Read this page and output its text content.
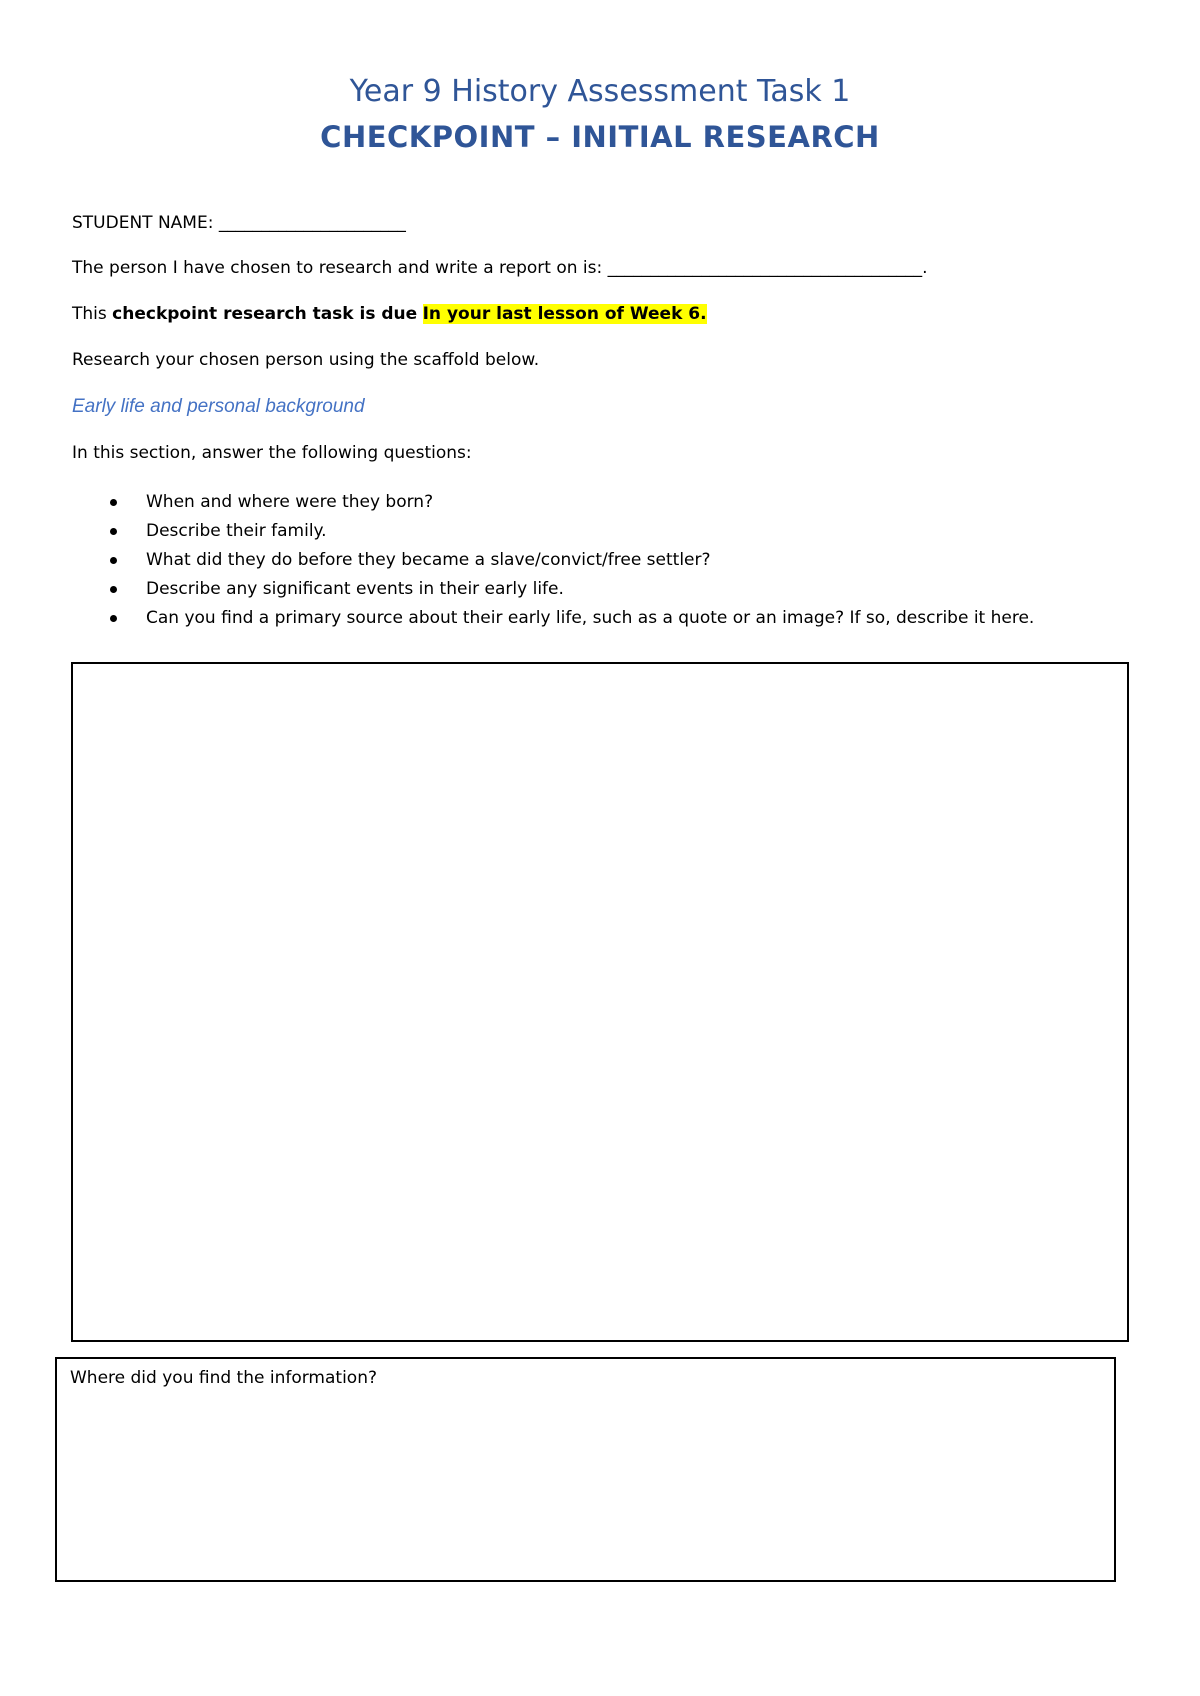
Year 9 History Assessment Task 1
CHECKPOINT – INITIAL RESEARCH
STUDENT NAME: ______________________
The person I have chosen to research and write a report on is: _____________________________________.
This checkpoint research task is due In your last lesson of Week 6.
Research your chosen person using the scaffold below.
Early life and personal background
In this section, answer the following questions:
When and where were they born?
Describe their family.
What did they do before they became a slave/convict/free settler?
Describe any significant events in their early life.
Can you find a primary source about their early life, such as a quote or an image? If so, describe it here.
Where did you find the information?
